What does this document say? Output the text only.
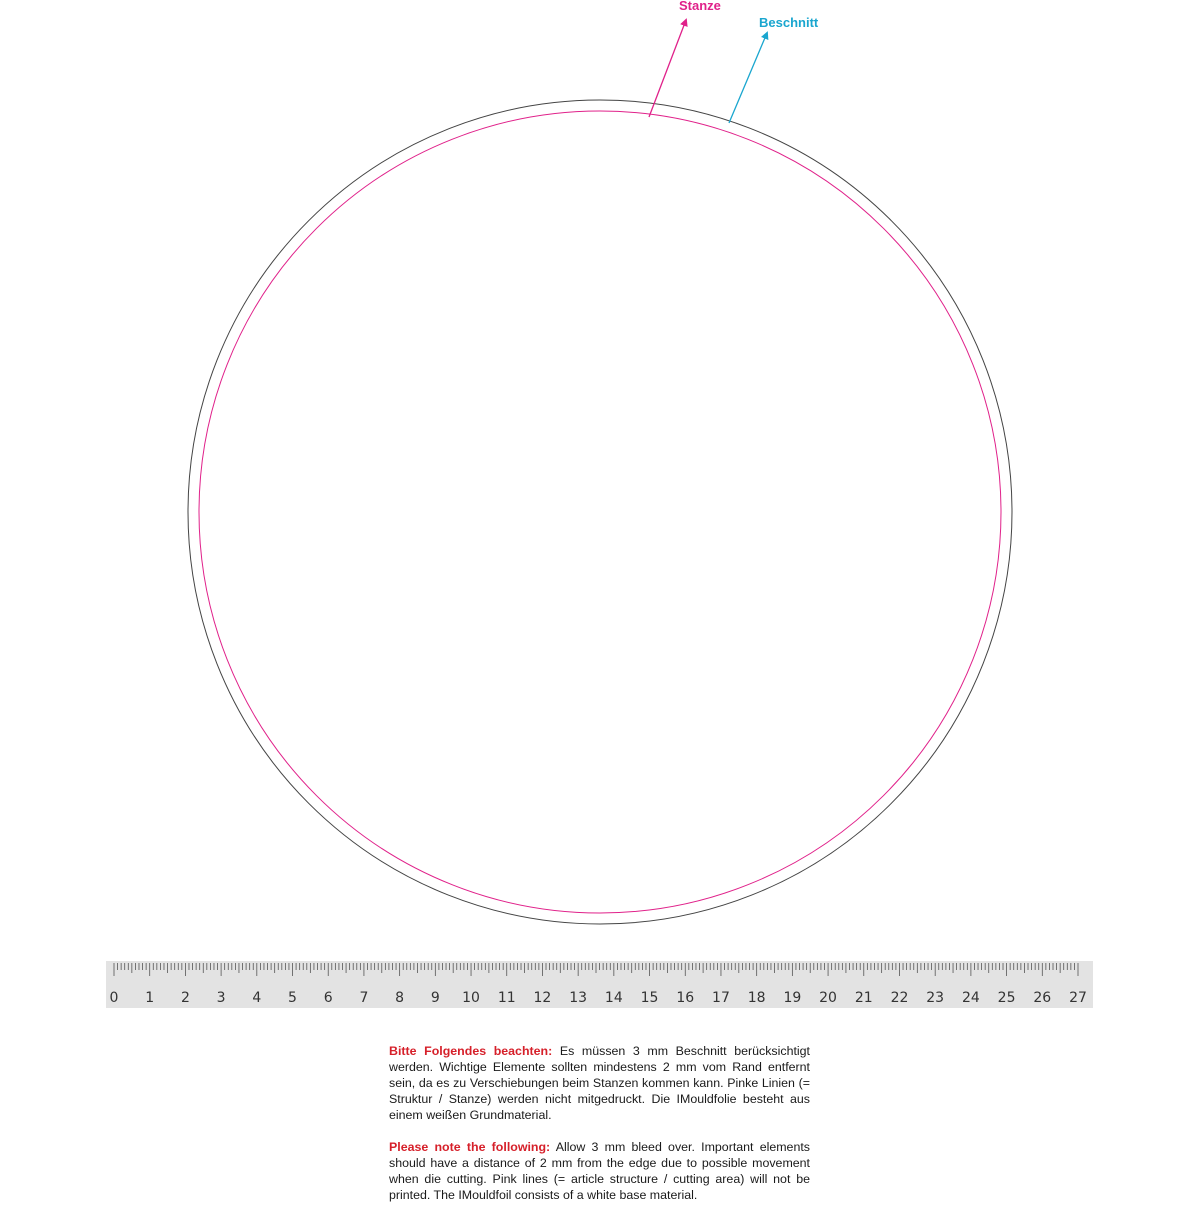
Stanze
Beschnitt
0 1 2 3 4 5 6 7 8 9 10 11 12 13 14 15 16 17 18 19 20 21 22 23 24 25 26 27

Bitte Folgendes beachten: Es müssen 3 mm Beschnitt berücksichtigt werden. Wichtige Elemente sollten mindestens 2 mm vom Rand entfernt sein, da es zu Verschiebungen beim Stanzen kommen kann. Pinke Linien (= Struktur / Stanze) werden nicht mitgedruckt. Die IMouldfolie besteht aus einem weißen Grundmaterial.

Please note the following: Allow 3 mm bleed over. Important elements should have a distance of 2 mm from the edge due to possible movement when die cutting. Pink lines (= article structure / cutting area) will not be printed. The IMouldfoil consists of a white base material.
